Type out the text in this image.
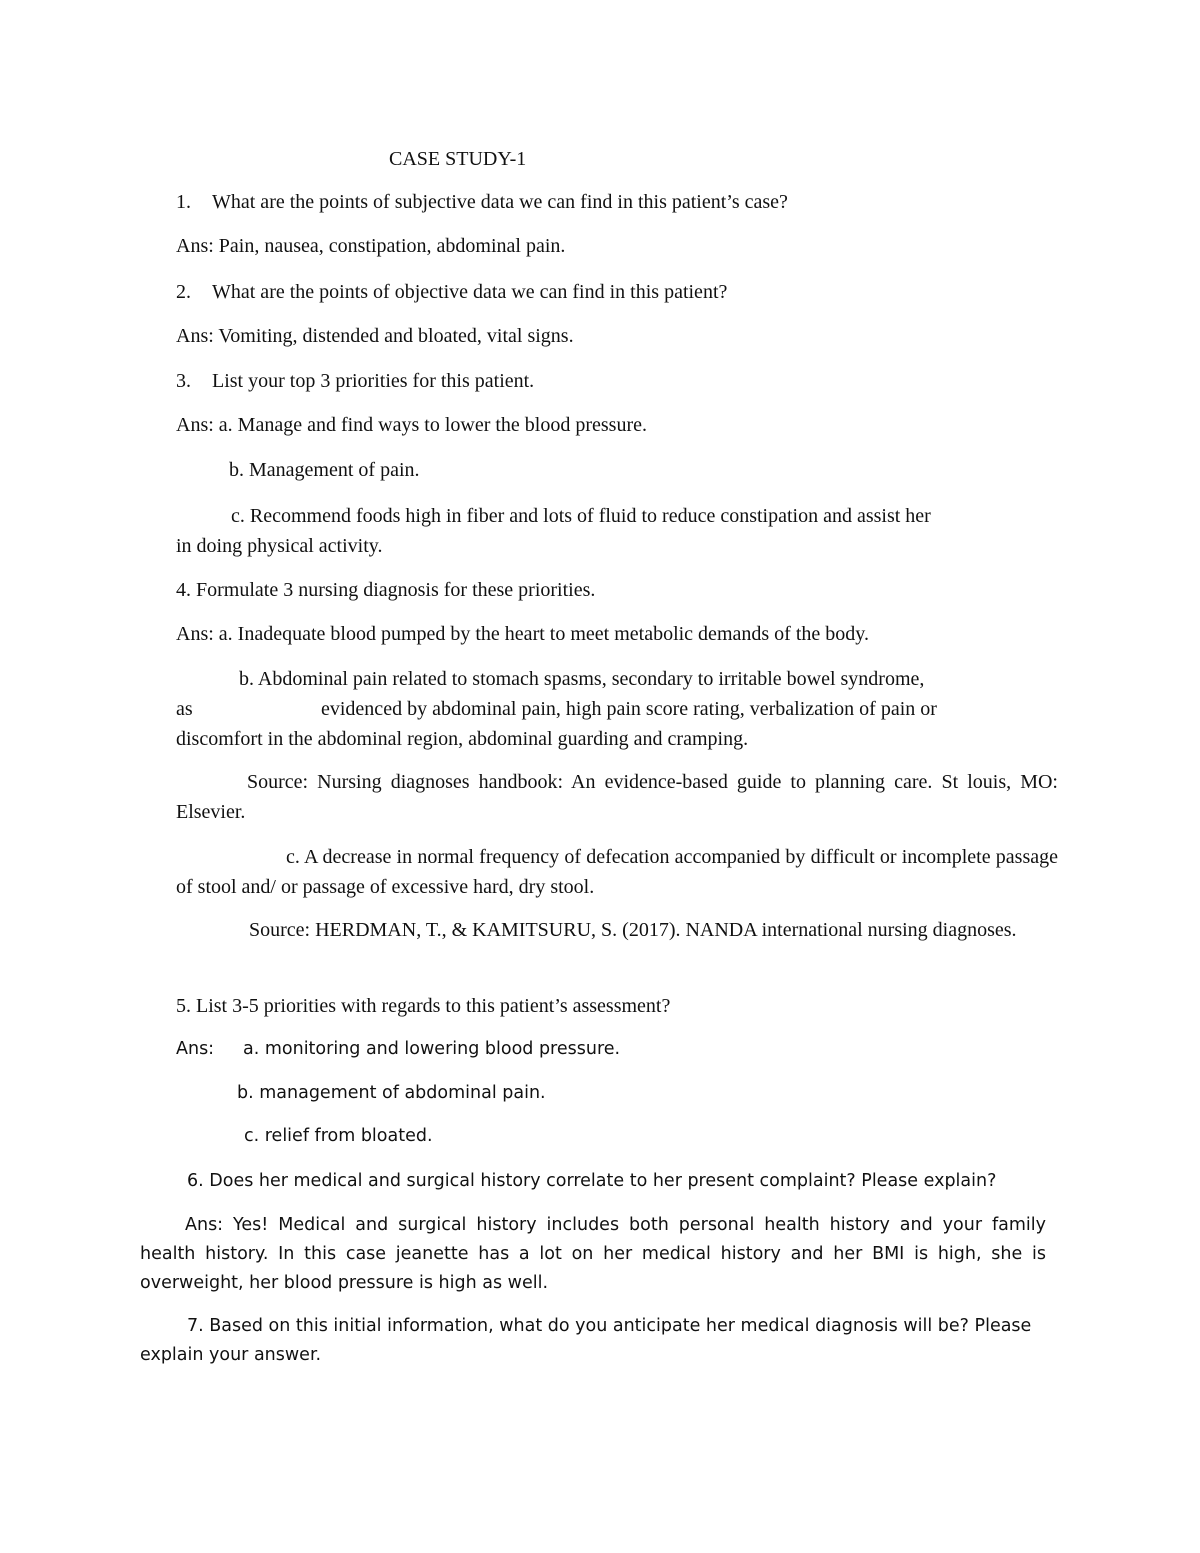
CASE STUDY-1
1. What are the points of subjective data we can find in this patient’s case?
Ans: Pain, nausea, constipation, abdominal pain.
2. What are the points of objective data we can find in this patient?
Ans: Vomiting, distended and bloated, vital signs.
3. List your top 3 priorities for this patient.
Ans: a. Manage and find ways to lower the blood pressure.
b. Management of pain.
c. Recommend foods high in fiber and lots of fluid to reduce constipation and assist her
in doing physical activity.
4. Formulate 3 nursing diagnosis for these priorities.
Ans: a. Inadequate blood pumped by the heart to meet metabolic demands of the body.
b. Abdominal pain related to stomach spasms, secondary to irritable bowel syndrome,
as	evidenced by abdominal pain, high pain score rating, verbalization of pain or
discomfort in the abdominal region, abdominal guarding and cramping.
Source: Nursing diagnoses handbook: An evidence-based guide to planning care. St louis, MO: Elsevier.
c. A decrease in normal frequency of defecation accompanied by difficult or incomplete passage of stool and/ or passage of excessive hard, dry stool.
Source: HERDMAN, T., & KAMITSURU, S. (2017). NANDA international nursing diagnoses.
5. List 3-5 priorities with regards to this patient’s assessment?
Ans: a. monitoring and lowering blood pressure.
b. management of abdominal pain.
c. relief from bloated.
6. Does her medical and surgical history correlate to her present complaint? Please explain?
Ans: Yes! Medical and surgical history includes both personal health history and your family health history. In this case jeanette has a lot on her medical history and her BMI is high, she is overweight, her blood pressure is high as well.
7. Based on this initial information, what do you anticipate her medical diagnosis will be? Please explain your answer.
